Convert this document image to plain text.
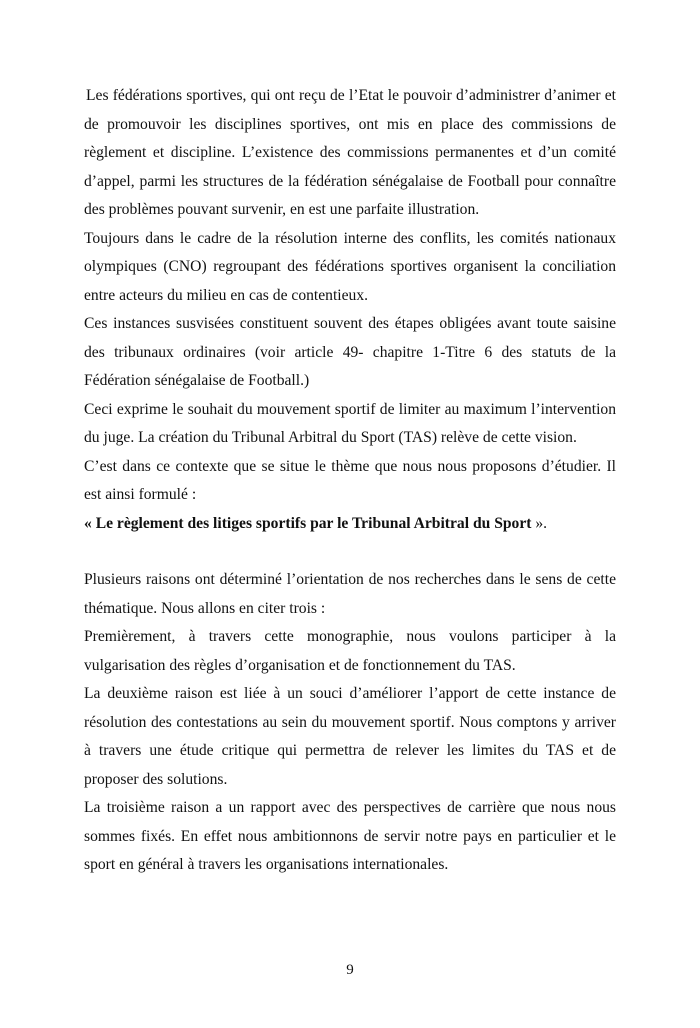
Les fédérations sportives, qui ont reçu de l’Etat le pouvoir d’administrer d’animer et de promouvoir les disciplines sportives, ont mis en place des commissions de règlement et discipline. L’existence des commissions permanentes et d’un comité d’appel, parmi les structures de la fédération sénégalaise de Football pour connaître des problèmes pouvant survenir, en est une parfaite illustration.

Toujours dans le cadre de la résolution interne des conflits, les comités nationaux olympiques (CNO) regroupant des fédérations sportives organisent la conciliation entre acteurs du milieu en cas de contentieux.

Ces instances susvisées constituent souvent des étapes obligées avant toute saisine des tribunaux ordinaires (voir article 49- chapitre 1-Titre 6 des statuts de la Fédération sénégalaise de Football.)

Ceci exprime le souhait du mouvement sportif de limiter au maximum l’intervention du juge. La création du Tribunal Arbitral du Sport (TAS) relève de cette vision.

C’est dans ce contexte que se situe le thème que nous nous proposons d’étudier. Il est ainsi formulé :

« Le règlement des litiges sportifs par le Tribunal Arbitral du Sport ».

Plusieurs raisons ont déterminé l’orientation de nos recherches dans le sens de cette thématique. Nous allons en citer trois :

Premièrement, à travers cette monographie, nous voulons participer à la vulgarisation des règles d’organisation et de fonctionnement du TAS.

La deuxième raison est liée à un souci d’améliorer l’apport de cette instance de résolution des contestations au sein du mouvement sportif. Nous comptons y arriver à travers une étude critique qui permettra de relever les limites du TAS et de proposer des solutions.

La troisième raison a un rapport avec des perspectives de carrière que nous nous sommes fixés. En effet nous ambitionnons de servir notre pays en particulier et le sport en général à travers les organisations internationales.

9
